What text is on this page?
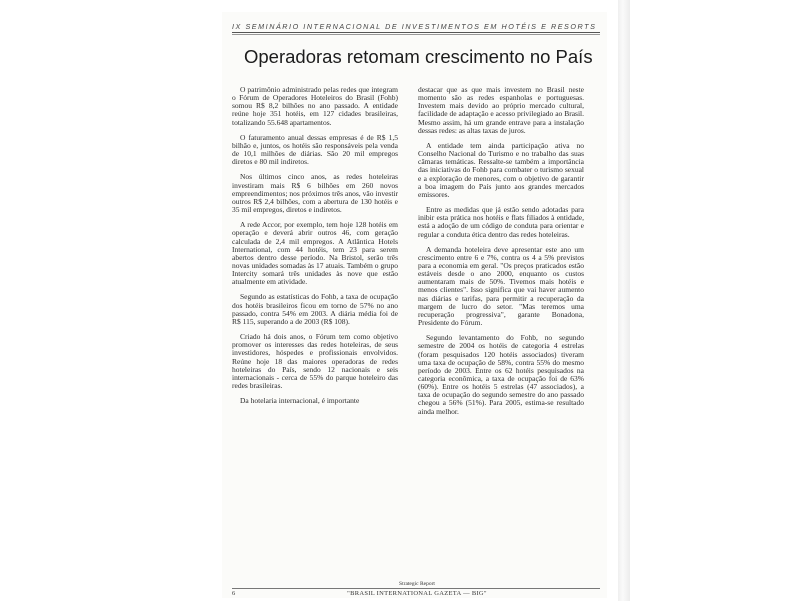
IX SEMINÁRIO INTERNACIONAL DE INVESTIMENTOS EM HOTÉIS E RESORTS
Operadoras retomam crescimento no País

O patrimônio administrado pelas redes que integram o Fórum de Operadores Hoteleiros do Brasil (Fohb) somou R$ 8,2 bilhões no ano passado. A entidade reúne hoje 351 hotéis, em 127 cidades brasileiras, totalizando 55.648 apartamentos.

O faturamento anual dessas empresas é de R$ 1,5 bilhão e, juntos, os hotéis são responsáveis pela venda de 10,1 milhões de diárias. São 20 mil empregos diretos e 80 mil indiretos.

Nos últimos cinco anos, as redes hoteleiras investiram mais R$ 6 bilhões em 260 novos empreendimentos; nos próximos três anos, vão investir outros R$ 2,4 bilhões, com a abertura de 130 hotéis e 35 mil empregos, diretos e indiretos.

A rede Accor, por exemplo, tem hoje 128 hotéis em operação e deverá abrir outros 46, com geração calculada de 2,4 mil empregos. A Atlântica Hotels International, com 44 hotéis, tem 23 para serem abertos dentro desse período. Na Bristol, serão três novas unidades somadas às 17 atuais. Também o grupo Intercity somará três unidades às nove que estão atualmente em atividade.

Segundo as estatísticas do Fohb, a taxa de ocupação dos hotéis brasileiros ficou em torno de 57% no ano passado, contra 54% em 2003. A diária média foi de R$ 115, superando a de 2003 (R$ 108).

Criado há dois anos, o Fórum tem como objetivo promover os interesses das redes hoteleiras, de seus investidores, hóspedes e profissionais envolvidos. Reúne hoje 18 das maiores operadoras de redes hoteleiras do País, sendo 12 nacionais e seis internacionais - cerca de 55% do parque hoteleiro das redes brasileiras.

Da hotelaria internacional, é importante

destacar que as que mais investem no Brasil neste momento são as redes espanholas e portuguesas. Investem mais devido ao próprio mercado cultural, facilidade de adaptação e acesso privilegiado ao Brasil. Mesmo assim, há um grande entrave para a instalação dessas redes: as altas taxas de juros.

A entidade tem ainda participação ativa no Conselho Nacional do Turismo e no trabalho das suas câmaras temáticas. Ressalte-se também a importância das iniciativas do Fohb para combater o turismo sexual e a exploração de menores, com o objetivo de garantir a boa imagem do País junto aos grandes mercados emissores.

Entre as medidas que já estão sendo adotadas para inibir esta prática nos hotéis e flats filiados à entidade, está a adoção de um código de conduta para orientar e regular a conduta ética dentro das redes hoteleiras.

A demanda hoteleira deve apresentar este ano um crescimento entre 6 e 7%, contra os 4 a 5% previstos para a economia em geral. "Os preços praticados estão estáveis desde o ano 2000, enquanto os custos aumentaram mais de 50%. Tivemos mais hotéis e menos clientes". Isso significa que vai haver aumento nas diárias e tarifas, para permitir a recuperação da margem de lucro do setor. "Mas teremos uma recuperação progressiva", garante Bonadona, Presidente do Fórum.

Segundo levantamento do Fohb, no segundo semestre de 2004 os hotéis de categoria 4 estrelas (foram pesquisados 120 hotéis associados) tiveram uma taxa de ocupação de 58%, contra 55% do mesmo período de 2003. Entre os 62 hotéis pesquisados na categoria econômica, a taxa de ocupação foi de 63% (60%). Entre os hotéis 5 estrelas (47 associados), a taxa de ocupação do segundo semestre do ano passado chegou a 56% (51%). Para 2005, estima-se resultado ainda melhor.

Strategic Report
6	"BRASIL INTERNATIONAL GAZETA — BIG"
